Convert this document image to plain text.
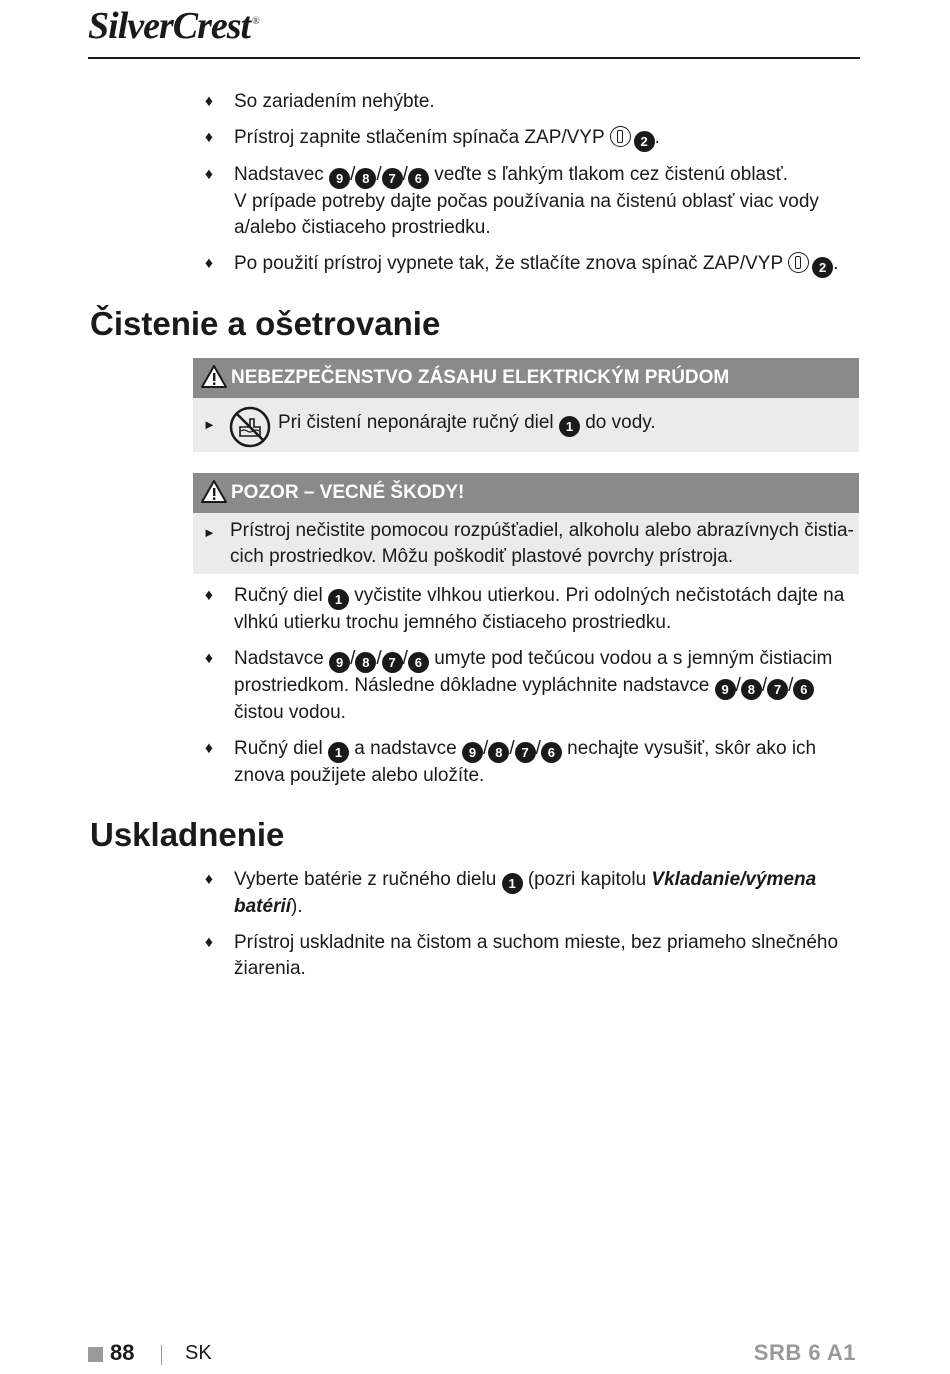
SilverCrest ®
♦ So zariadením nehýbte.
♦ Prístroj zapnite stlačením spínača ZAP/VYP	2 .
♦ Nadstavec 9 / 8 / 7 / 6 veďte s ľahkým tlakom cez čistenú oblasť.
V prípade potreby dajte počas používania na čistenú oblasť viac vody
a/alebo čistiaceho prostriedku.
♦ Po použití prístroj vypnete tak, že stlačíte znova spínač ZAP/VYP	2 .
Čistenie a ošetrovanie
NEBEZPEČENSTVO ZÁSAHU ELEKTRICKÝM PRÚDOM
►	Pri čistení neponárajte ručný diel 1 do vody.
POZOR – VECNÉ ŠKODY!
► Prístroj nečistite pomocou rozpúšťadiel, alkoholu alebo abrazívnych čistia-
cich prostriedkov. Môžu poškodiť plastové povrchy prístroja.
♦ Ručný diel 1 vyčistite vlhkou utierkou. Pri odolných nečistotách dajte na
vlhkú utierku trochu jemného čistiaceho prostriedku.
♦ Nadstavce 9 / 8 / 7 / 6 umyte pod tečúcou vodou a s jemným čistiacim
prostriedkom. Následne dôkladne vypláchnite nadstavce 9 / 8 / 7 / 6
čistou vodou.
♦ Ručný diel 1 a nadstavce 9 / 8 / 7 / 6 nechajte vysušiť, skôr ako ich
znova použijete alebo uložíte.
Uskladnenie
♦ Vyberte batérie z ručného dielu 1 (pozri kapitolu Vkladanie/výmena
batérií).
♦ Prístroj uskladnite na čistom a suchom mieste, bez priameho slnečného
žiarenia.
88	SK	SRB 6 A1
